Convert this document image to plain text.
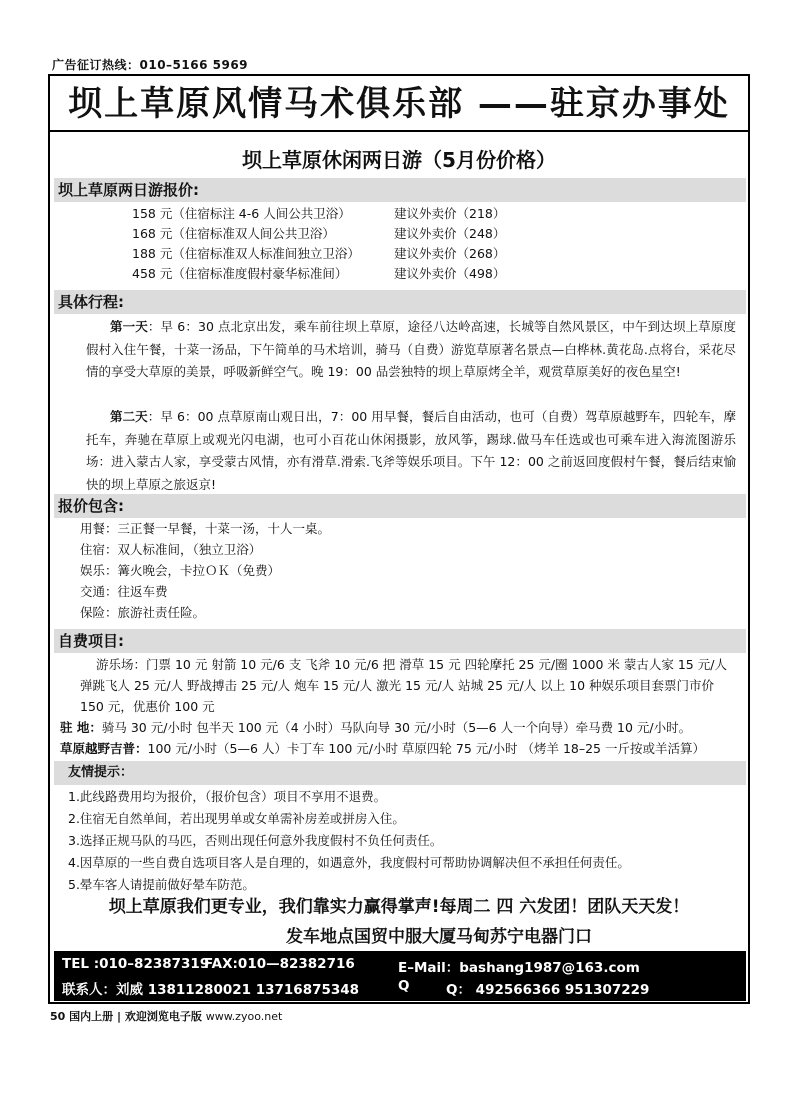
广告征订热线：010–5166 5969
坝上草原风情马术俱乐部 ——驻京办事处
坝上草原休闲两日游（5月份价格）
坝上草原两日游报价:
158 元（住宿标注 4-6 人间公共卫浴）	建议外卖价（218）
168 元（住宿标准双人间公共卫浴）	建议外卖价（248）
188 元（住宿标准双人标准间独立卫浴）	建议外卖价（268）
458 元（住宿标准度假村豪华标准间）	建议外卖价（498）
具体行程:

第一天：早 6：30 点北京出发，乘车前往坝上草原，途径八达岭高速，长城等自然风景区，中午到达坝上草原度假村入住午餐，十菜一汤品，下午简单的马术培训，骑马（自费）游览草原著名景点—白桦林.黄花岛.点将台，采花尽情的享受大草原的美景，呼吸新鲜空气。晚 19：00 品尝独特的坝上草原烤全羊，观赏草原美好的夜色星空!

第二天：早 6：00 点草原南山观日出，7：00 用早餐，餐后自由活动，也可（自费）驾草原越野车，四轮车，摩托车，奔驰在草原上或观光闪电湖，也可小百花山休闲摄影，放风筝，踢球.做马车任选或也可乘车进入海流图游乐场：进入蒙古人家，享受蒙古风情，亦有滑草.滑索.飞斧等娱乐项目。下午 12：00 之前返回度假村午餐，餐后结束愉快的坝上草原之旅返京!

报价包含:
用餐：三正餐一早餐，十菜一汤，十人一桌。
住宿：双人标准间，（独立卫浴）
娱乐：篝火晚会，卡拉ＯＫ（免费）
交通：往返车费
保险：旅游社责任险。
自费项目:

游乐场：门票 10 元 射箭 10 元/6 支 飞斧 10 元/6 把 滑草 15 元 四轮摩托 25 元/圈 1000 米 蒙古人家 15 元/人 弹跳飞人 25 元/人 野战搏击 25 元/人 炮车 15 元/人 激光 15 元/人 站城 25 元/人 以上 10 种娱乐项目套票门市价 150 元，优惠价 100 元

驻 地：骑马 30 元/小时 包半天 100 元（4 小时）马队向导 30 元/小时（5—6 人一个向导）牵马费 10 元/小时。
草原越野吉普：100 元/小时（5—6 人）卡丁车 100 元/小时 草原四轮 75 元/小时 （烤羊 18–25 一斤按或羊活算）
友情提示：
1.此线路费用均为报价，（报价包含）项目不享用不退费。
2.住宿无自然单间，若出现男单或女单需补房差或拼房入住。
3.选择正规马队的马匹，否则出现任何意外我度假村不负任何责任。
4.因草原的一些自费自选项目客人是自理的，如遇意外，我度假村可帮助协调解决但不承担任何责任。
5.晕车客人请提前做好晕车防范。
坝上草原我们更专业，我们靠实力赢得掌声!每周二 四 六发团！团队天天发！
发车地点国贸中服大厦马甸苏宁电器门口
TEL :010–82387319
FAX:010—82382716	E–Mail：bashang1987@163.com
联系人：刘威 13811280021 13716875348	Q	Q： 492566366 951307229
50 国内上册 | 欢迎浏览电子版 www.zyoo.net
